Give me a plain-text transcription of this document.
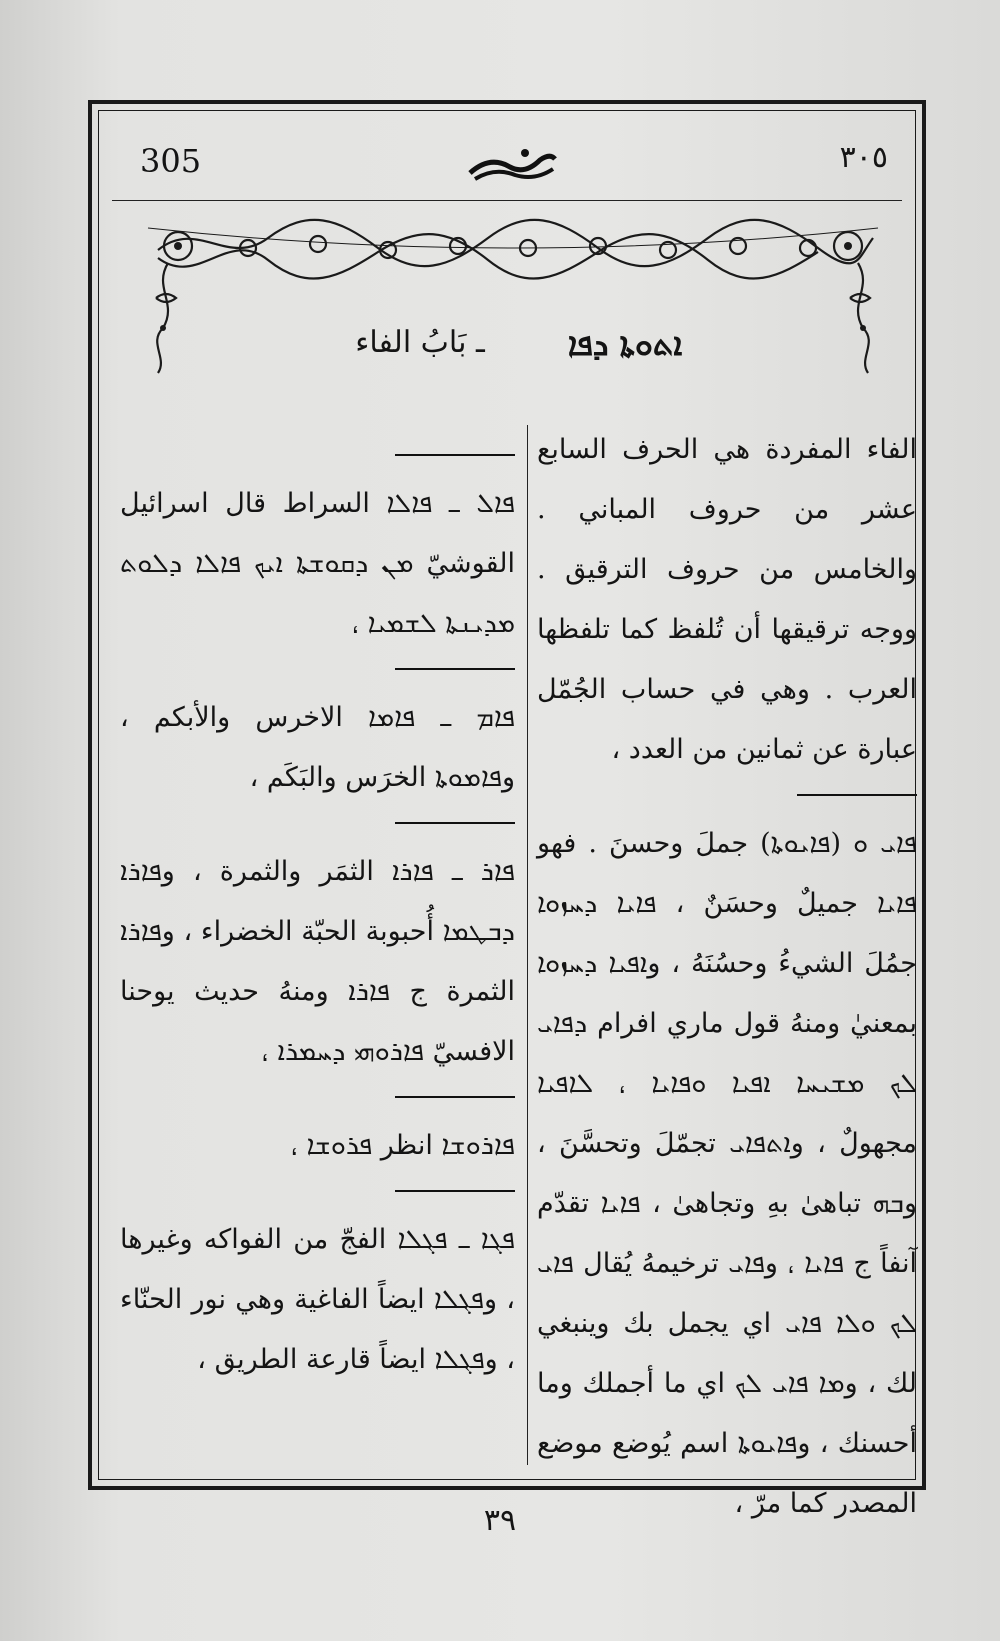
305	٣٠٥
ܐܬܘܬܐ ܕܦܐ
ـ بَابُ الفاء

الفاء المفردة هي الحرف السابع عشر من حروف المباني . والخامس من حروف الترقيق . ووجه ترقيقها أن تُلفظ كما تلفظها العرب . وهي في حساب الجُمّل عبارة عن ثمانين من العدد ،

ܦܐܝ ܘ (ܦܐܝܘܬܐ) جملَ وحسنَ . فهو ܦܐܝܐ جميلٌ وحسَنٌ ، ܦܐܝܐ ܕܚܙܘܐ جمُلَ الشيءُ وحسُنَهُ ، وܐܦܝܐ ܕܚܙܘܐ بمعنيٰ ومنهُ قول ماري افرام ܕܦܐܝ ܠܟ ܡܫܝܚܐ ܐܦܝܐ ܘܦܐܝܐ ، ܠܐܦܝܐ مجهولٌ ، وܐܬܦܐܝ تجمّلَ وتحسَّنَ ، وܒܗ تباهىٰ بهِ وتجاهىٰ ، ܦܐܝܐ تقدّم آنفاً ج ܦܐܝܐ ، وܦܐܝ ترخيمهُ يُقال ܦܐܝ ܠܟ ܘܠܐ ܦܐܝ اي يجمل بك وينبغي لك ، وܡܐ ܦܐܝ ܠܟ اي ما أجملك وما أحسنك ، وܦܐܝܘܬܐ اسم يُوضع موضع المصدر كما مرّ ،

ܦܐܠ ـ ܦܐܠܐ السراط قال اسرائيل القوشيّ ܡܢ ܕܩܘܫܬܐ ܐܝܟ ܦܐܠܐ ܕܠܘܬ ܡܕܝܢܬܐ ܠܫܡܝܐ ،

ܦܐܡ ـ ܦܐܡܐ الاخرس والأبكم ، وܦܐܡܘܬܐ الخرَس والبَكَم ،

ܦܐܪ ـ ܦܐܪܐ الثمَر والثمرة ، وܦܐܪܐ ܕܒܛܡܐ أُحبوبة الحبّة الخضراء ، وܦܐܪܐ الثمرة ج ܦܐܪܐ ومنهُ حديث يوحنا الافسيّ ܦܐܪܘܗܝ ܕܚܡܪܐ ،

ܦܐܪܘܫܐ انظر ܦܪܘܫܐ ،

ܦܓܐ ـ ܦܓܠܐ الفجّ من الفواكه وغيرها ، وܦܓܠܐ ايضاً الفاغية وهي نور الحنّاء ، وܦܓܠܐ ايضاً قارعة الطريق ،

٣٩
